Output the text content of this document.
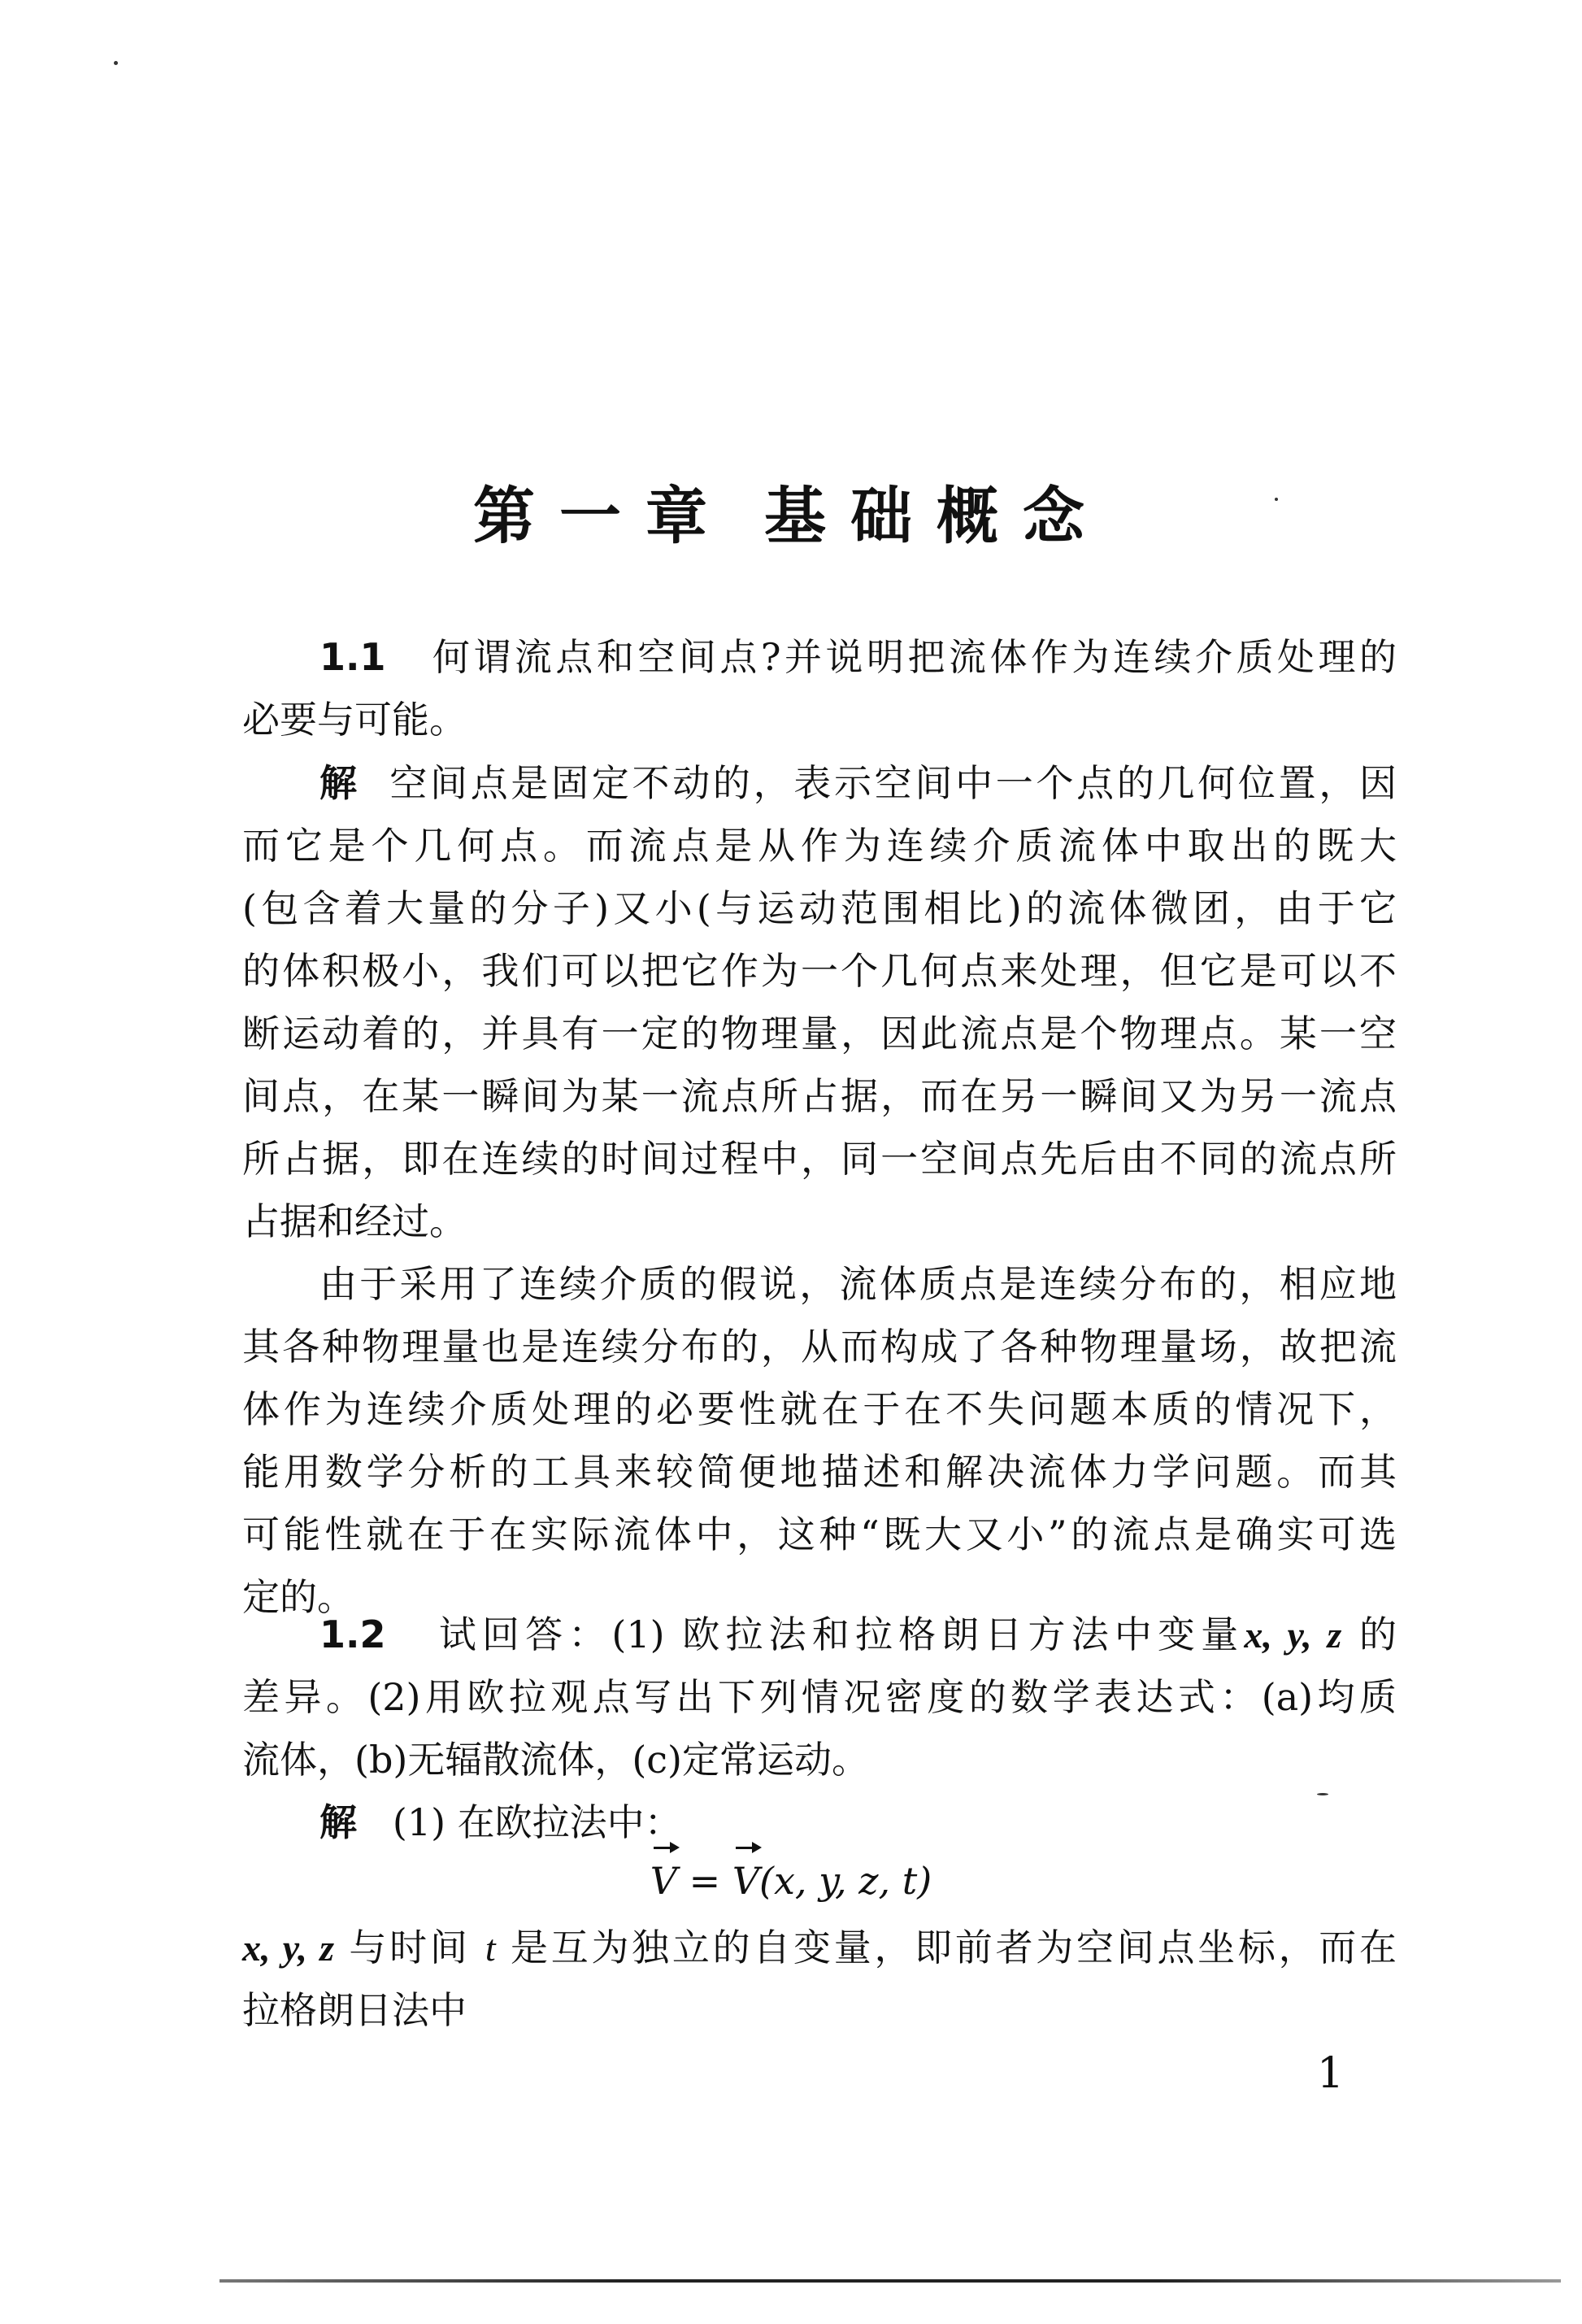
第一章 基础概念
1.1 何谓流点和空间点?并说明把流体作为连续介质处理的
必要与可能。
解 空间点是固定不动的，表示空间中一个点的几何位置，因
而它是个几何点。而流点是从作为连续介质流体中取出的既大
(包含着大量的分子)又小(与运动范围相比)的流体微团，由于它
的体积极小，我们可以把它作为一个几何点来处理，但它是可以不
断运动着的，并具有一定的物理量，因此流点是个物理点。某一空
间点，在某一瞬间为某一流点所占据，而在另一瞬间又为另一流点
所占据，即在连续的时间过程中，同一空间点先后由不同的流点所
占据和经过。
由于采用了连续介质的假说，流体质点是连续分布的，相应地
其各种物理量也是连续分布的，从而构成了各种物理量场，故把流
体作为连续介质处理的必要性就在于在不失问题本质的情况下，
能用数学分析的工具来较简便地描述和解决流体力学问题。而其
可能性就在于在实际流体中，这种“既大又小”的流点是确实可选
定的。
1.2 试回答：(1) 欧拉法和拉格朗日方法中变量x, y, z 的
差异。(2)用欧拉观点写出下列情况密度的数学表达式：(a)均质
流体，(b)无辐散流体，(c)定常运动。
解 (1) 在欧拉法中：
V = V(x, y, z, t)
x, y, z 与时间 t 是互为独立的自变量，即前者为空间点坐标，而在
拉格朗日法中

1
